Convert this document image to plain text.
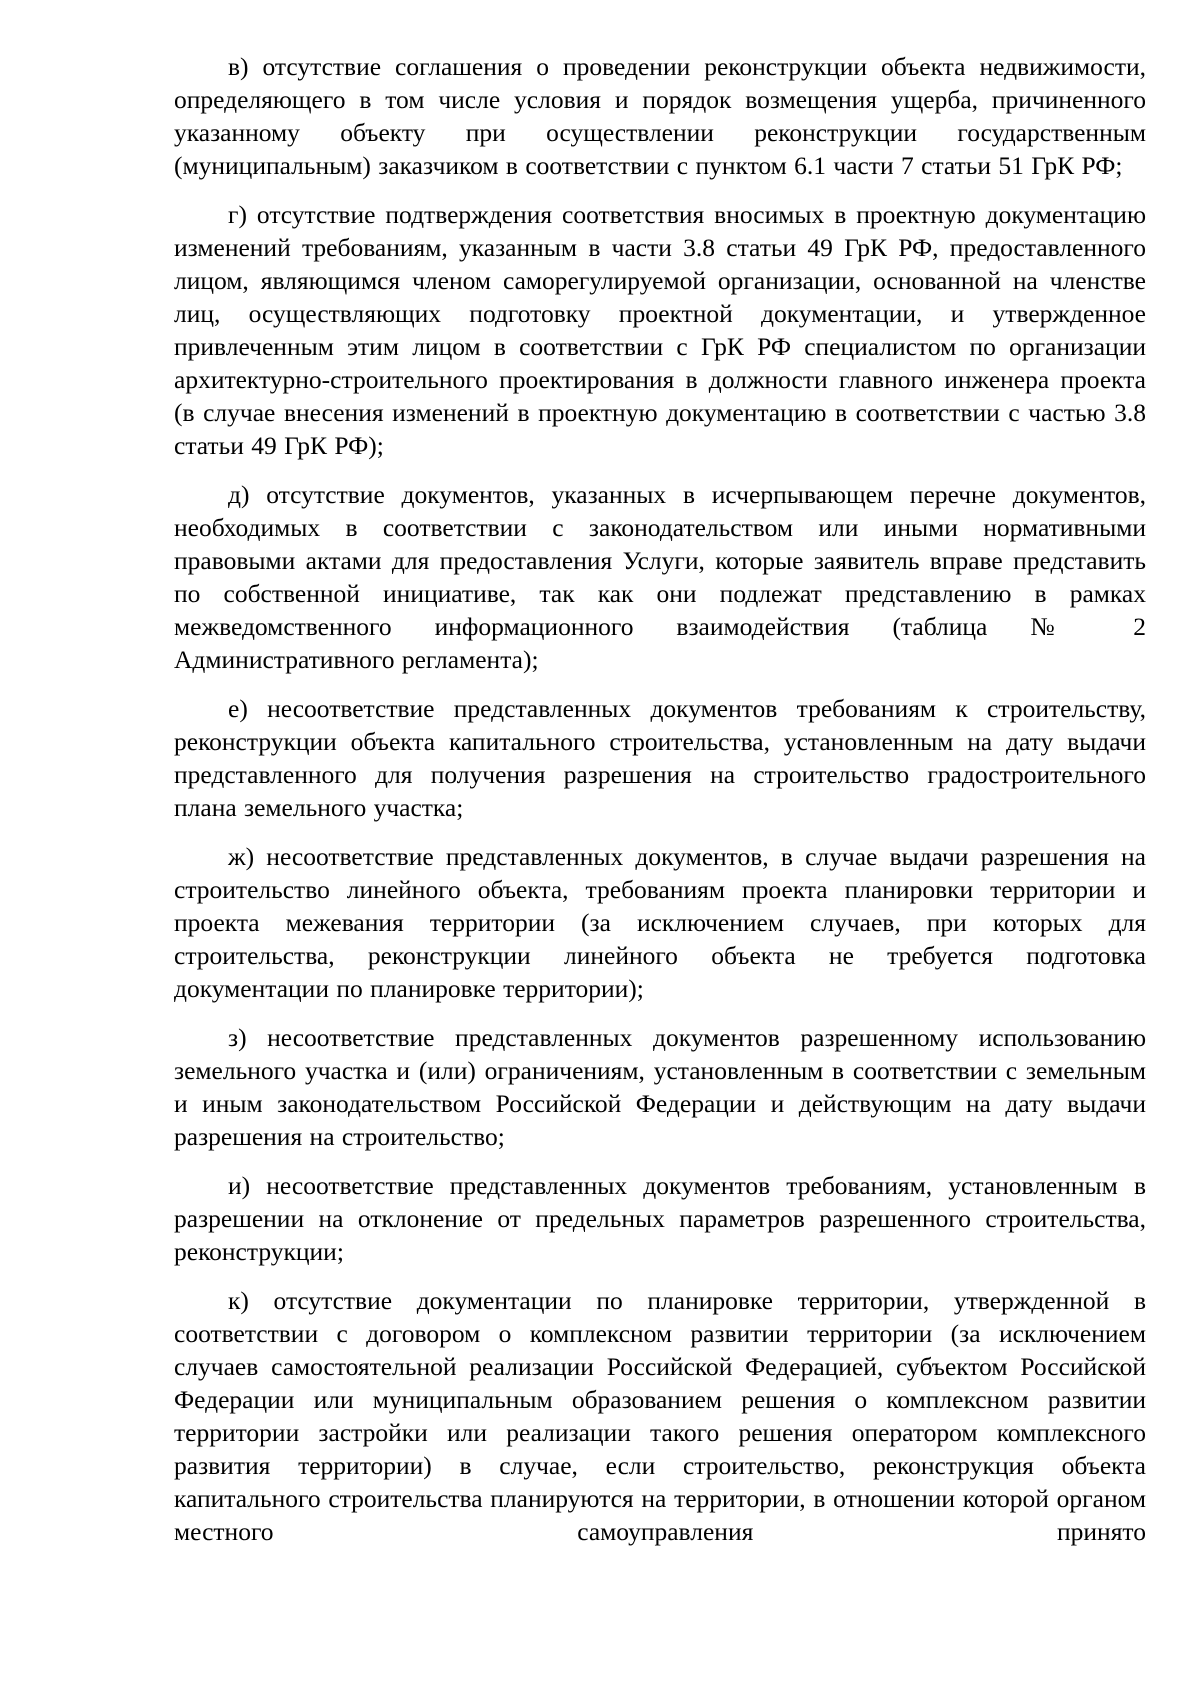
в) отсутствие соглашения о проведении реконструкции объекта недвижимости, определяющего в том числе условия и порядок возмещения ущерба, причиненного указанному объекту при осуществлении реконструкции государственным (муниципальным) заказчиком в соответствии с пунктом 6.1 части 7 статьи 51 ГрК РФ;

г) отсутствие подтверждения соответствия вносимых в проектную документацию изменений требованиям, указанным в части 3.8 статьи 49 ГрК РФ, предоставленного лицом, являющимся членом саморегулируемой организации, основанной на членстве лиц, осуществляющих подготовку проектной документации, и утвержденное привлеченным этим лицом в соответствии с ГрК РФ специалистом по организации архитектурно-строительного проектирования в должности главного инженера проекта (в случае внесения изменений в проектную документацию в соответствии с частью 3.8 статьи 49 ГрК РФ);

д) отсутствие документов, указанных в исчерпывающем перечне документов, необходимых в соответствии с законодательством или иными нормативными правовыми актами для предоставления Услуги, которые заявитель вправе представить по собственной инициативе, так как они подлежат представлению в рамках межведомственного информационного взаимодействия (таблица № 2 Административного регламента);

е) несоответствие представленных документов требованиям к строительству, реконструкции объекта капитального строительства, установленным на дату выдачи представленного для получения разрешения на строительство градостроительного плана земельного участка;

ж) несоответствие представленных документов, в случае выдачи разрешения на строительство линейного объекта, требованиям проекта планировки территории и проекта межевания территории (за исключением случаев, при которых для строительства, реконструкции линейного объекта не требуется подготовка документации по планировке территории);

з) несоответствие представленных документов разрешенному использованию земельного участка и (или) ограничениям, установленным в соответствии с земельным и иным законодательством Российской Федерации и действующим на дату выдачи разрешения на строительство;

и) несоответствие представленных документов требованиям, установленным в разрешении на отклонение от предельных параметров разрешенного строительства, реконструкции;

к) отсутствие документации по планировке территории, утвержденной в соответствии с договором о комплексном развитии территории (за исключением случаев самостоятельной реализации Российской Федерацией, субъектом Российской Федерации или муниципальным образованием решения о комплексном развитии территории застройки или реализации такого решения оператором комплексного развития территории) в случае, если строительство, реконструкция объекта капитального строительства планируются на территории, в отношении которой органом местного самоуправления принято
